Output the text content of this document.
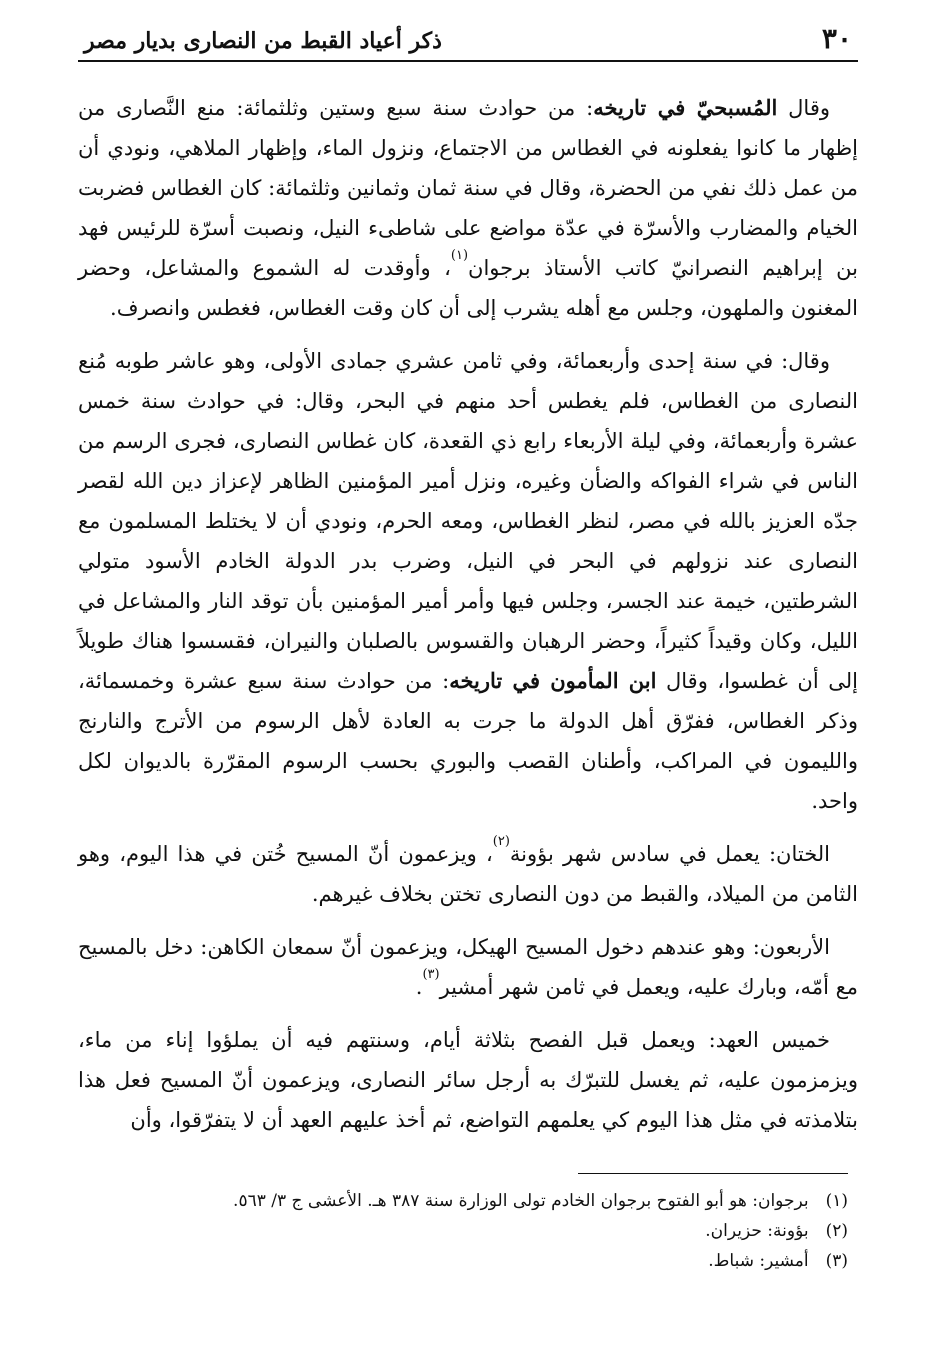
٣٠
ذكر أعياد القبط من النصارى بديار مصر

وقال المُسبحيّ في تاريخه: من حوادث سنة سبع وستين وثلثمائة: منع النَّصارى من إظهار ما كانوا يفعلونه في الغطاس من الاجتماع، ونزول الماء، وإظهار الملاهي، ونودي أن من عمل ذلك نفي من الحضرة، وقال في سنة ثمان وثمانين وثلثمائة: كان الغطاس فضربت الخيام والمضارب والأسرّة في عدّة مواضع على شاطىء النيل، ونصبت أسرّة للرئيس فهد بن إبراهيم النصرانيّ كاتب الأستاذ برجوان$^{(١)}$، وأوقدت له الشموع والمشاعل، وحضر المغنون والملهون، وجلس مع أهله يشرب إلى أن كان وقت الغطاس، فغطس وانصرف.

وقال: في سنة إحدى وأربعمائة، وفي ثامن عشري جمادى الأولى، وهو عاشر طوبه مُنع النصارى من الغطاس، فلم يغطس أحد منهم في البحر، وقال: في حوادث سنة خمس عشرة وأربعمائة، وفي ليلة الأربعاء رابع ذي القعدة، كان غطاس النصارى، فجرى الرسم من الناس في شراء الفواكه والضأن وغيره، ونزل أمير المؤمنين الظاهر لإعزاز دين الله لقصر جدّه العزيز بالله في مصر، لنظر الغطاس، ومعه الحرم، ونودي أن لا يختلط المسلمون مع النصارى عند نزولهم في البحر في النيل، وضرب بدر الدولة الخادم الأسود متولي الشرطتين، خيمة عند الجسر، وجلس فيها وأمر أمير المؤمنين بأن توقد النار والمشاعل في الليل، وكان وقيداً كثيراً، وحضر الرهبان والقسوس بالصلبان والنيران، فقسسوا هناك طويلاً إلى أن غطسوا، وقال ابن المأمون في تاريخه: من حوادث سنة سبع عشرة وخمسمائة، وذكر الغطاس، ففرّق أهل الدولة ما جرت به العادة لأهل الرسوم من الأترج والنارنج والليمون في المراكب، وأطنان القصب والبوري بحسب الرسوم المقرّرة بالديوان لكل واحد.

الختان: يعمل في سادس شهر بؤونة$^{(٢)}$، ويزعمون أنّ المسيح خُتن في هذا اليوم، وهو الثامن من الميلاد، والقبط من دون النصارى تختن بخلاف غيرهم.

الأربعون: وهو عندهم دخول المسيح الهيكل، ويزعمون أنّ سمعان الكاهن: دخل بالمسيح مع أمّه، وبارك عليه، ويعمل في ثامن شهر أمشير$^{(٣)}$.

خميس العهد: ويعمل قبل الفصح بثلاثة أيام، وسنتهم فيه أن يملؤوا إناء من ماء، ويزمزمون عليه، ثم يغسل للتبرّك به أرجل سائر النصارى، ويزعمون أنّ المسيح فعل هذا بتلامذته في مثل هذا اليوم كي يعلمهم التواضع، ثم أخذ عليهم العهد أن لا يتفرّقوا، وأن

(١) برجوان: هو أبو الفتوح برجوان الخادم تولى الوزارة سنة ٣٨٧ هـ. الأعشى ج ٣/ ٥٦٣.

(٢) بؤونة: حزيران.

(٣) أمشير: شباط.
